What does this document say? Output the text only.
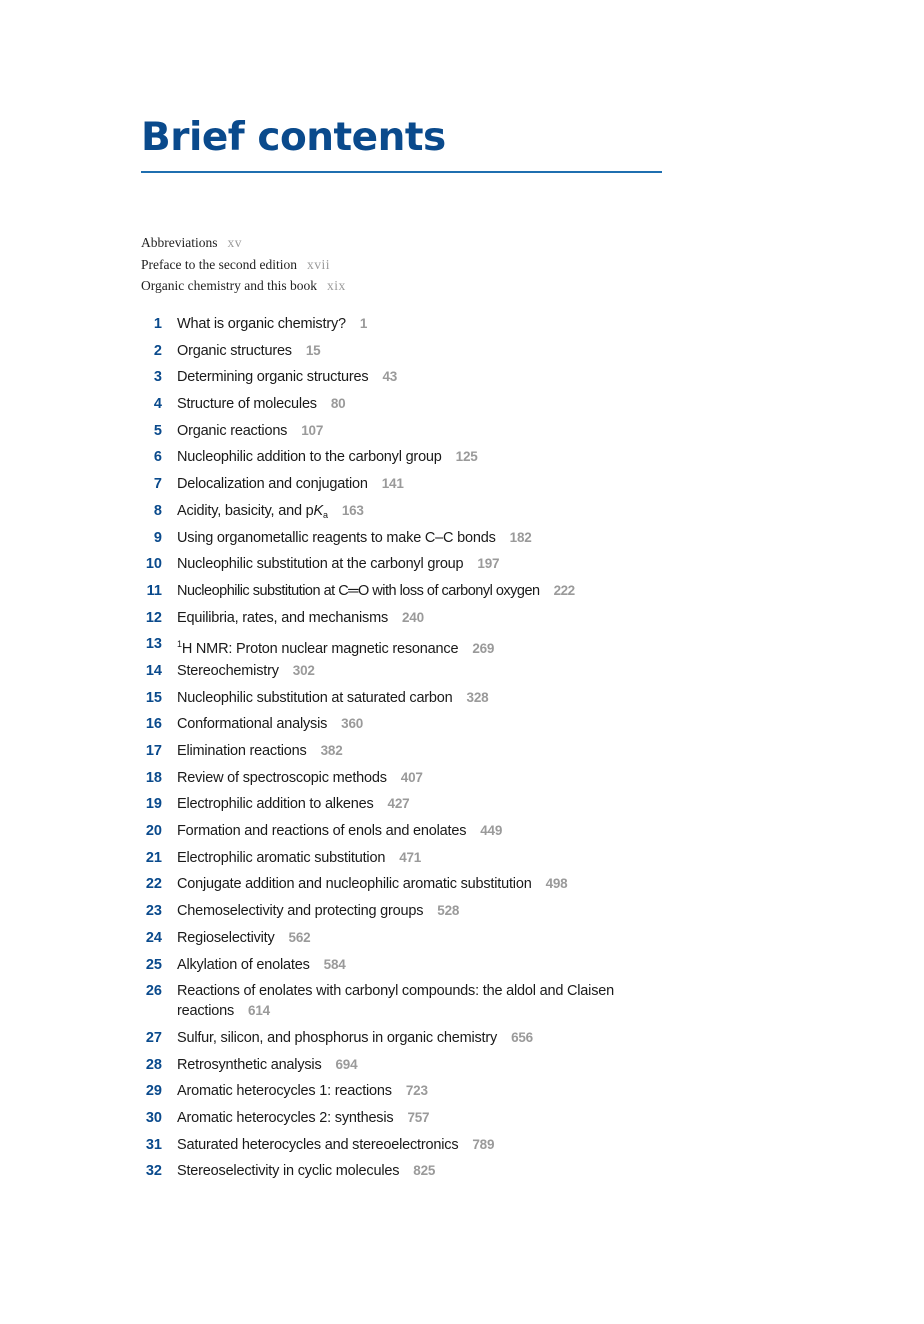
Brief contents
Abbreviations xv
Preface to the second edition xvii
Organic chemistry and this book xix
1 What is organic chemistry? 1
2 Organic structures 15
3 Determining organic structures 43
4 Structure of molecules 80
5 Organic reactions 107
6 Nucleophilic addition to the carbonyl group 125
7 Delocalization and conjugation 141
8 Acidity, basicity, and $pK_a$ 163
9 Using organometallic reagents to make C–C bonds 182
10 Nucleophilic substitution at the carbonyl group 197
11 Nucleophilic substitution at C═O with loss of carbonyl oxygen 222
12 Equilibria, rates, and mechanisms 240
13 $^1$H NMR: Proton nuclear magnetic resonance 269
14 Stereochemistry 302
15 Nucleophilic substitution at saturated carbon 328
16 Conformational analysis 360
17 Elimination reactions 382
18 Review of spectroscopic methods 407
19 Electrophilic addition to alkenes 427
20 Formation and reactions of enols and enolates 449
21 Electrophilic aromatic substitution 471
22 Conjugate addition and nucleophilic aromatic substitution 498
23 Chemoselectivity and protecting groups 528
24 Regioselectivity 562
25 Alkylation of enolates 584
26 Reactions of enolates with carbonyl compounds: the aldol and Claisen reactions 614
27 Sulfur, silicon, and phosphorus in organic chemistry 656
28 Retrosynthetic analysis 694
29 Aromatic heterocycles 1: reactions 723
30 Aromatic heterocycles 2: synthesis 757
31 Saturated heterocycles and stereoelectronics 789
32 Stereoselectivity in cyclic molecules 825
